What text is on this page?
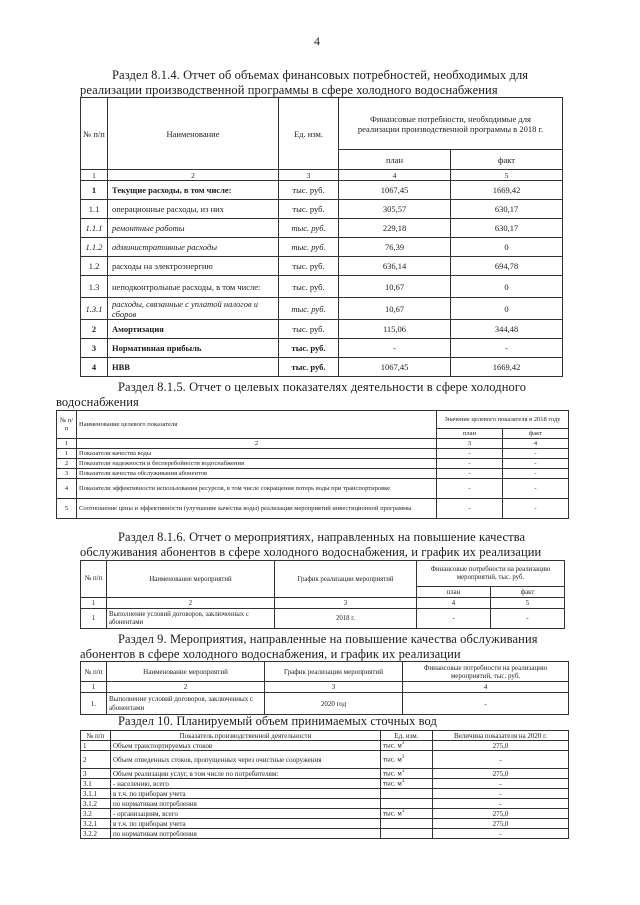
4
Раздел 8.1.4. Отчет об объемах финансовых потребностей, необходимых для
реализации производственной программы в сфере холодного водоснабжения
№ п/п	Наименование	Ед. изм.	Финансовые потребности, необходимые для реализации производственной программы в 2018 г.	
			план	факт
1	2	3	4	5
1	Текущие расходы, в том числе:	тыс. руб.	1067,45	1669,42
1.1	операционные расходы, из них	тыс. руб.	305,57	630,17
1.1.1	ремонтные работы	тыс. руб.	229,18	630,17
1.1.2	административные расходы	тыс. руб.	76,39	0
1.2	расходы на электроэнергию	тыс. руб.	636,14	694,78
1.3	неподконтрольные расходы, в том числе:	тыс. руб.	10,67	0
1.3.1	расходы, связанные с уплатой налогов и сборов	тыс. руб.	10,67	0
2	Амортизация	тыс. руб.	115,06	344,48
3	Нормативная прибыль	тыс. руб.	-	-
4	НВВ	тыс. руб.	1067,45	1669,42
Раздел 8.1.5. Отчет о целевых показателях деятельности в сфере холодного
водоснабжения
№ п/п	Наименование целевого показателя	Значение целевого показателя в 2018 году	
		план	факт
1	2	3	4
1	Показатели качества воды	-	-
2	Показатели надежности и бесперебойности водоснабжения	-	-
3	Показатели качества обслуживания абонентов	-	-
4	Показатели эффективности использования ресурсов, в том числе сокращения потерь воды при транспортировке	-	-
5	Соотношение цены и эффективности (улучшение качества воды) реализации мероприятий инвестиционной программы	-	-
Раздел 8.1.6. Отчет о мероприятиях, направленных на повышение качества
обслуживания абонентов в сфере холодного водоснабжения, и график их реализации
№ п/п	Наименование мероприятий	График реализации мероприятий	Финансовые потребности на реализацию мероприятий, тыс. руб.	
			план	факт
1	2	3	4	5
1	Выполнение условий договоров, заключенных с абонентами	2018 г.	-	-
Раздел 9. Мероприятия, направленные на повышение качества обслуживания
абонентов в сфере холодного водоснабжения, и график их реализации
№ п/п	Наименование мероприятий	График реализации мероприятий	Финансовые потребности на реализацию мероприятий, тыс. руб.
1	2	3	4
1.	Выполнение условий договоров, заключенных с абонентами	2020 год	-
Раздел 10. Планируемый объем принимаемых сточных вод
№ п/п	Показатель производственной деятельности	Ед. изм.	Величина показателя на 2020 г.
1	Объем транспортируемых стоков	тыс. $м^3$	275,0
2	Объем отведенных стоков, пропущенных через очистные сооружения	тыс. $м^3$	-
3	Объем реализации услуг, в том числе по потребителям:	тыс. $м^3$	275,0
3.1	- населению, всего	тыс. $м^3$	-
3.1.1	в т.ч. по приборам учета		-
3.1.2	по нормативам потребления		-
3.2	- организациям, всего	тыс. $м^3$	275,0
3.2.1	в т.ч. по приборам учета		275,0
3.2.2	по нормативам потребления		-
